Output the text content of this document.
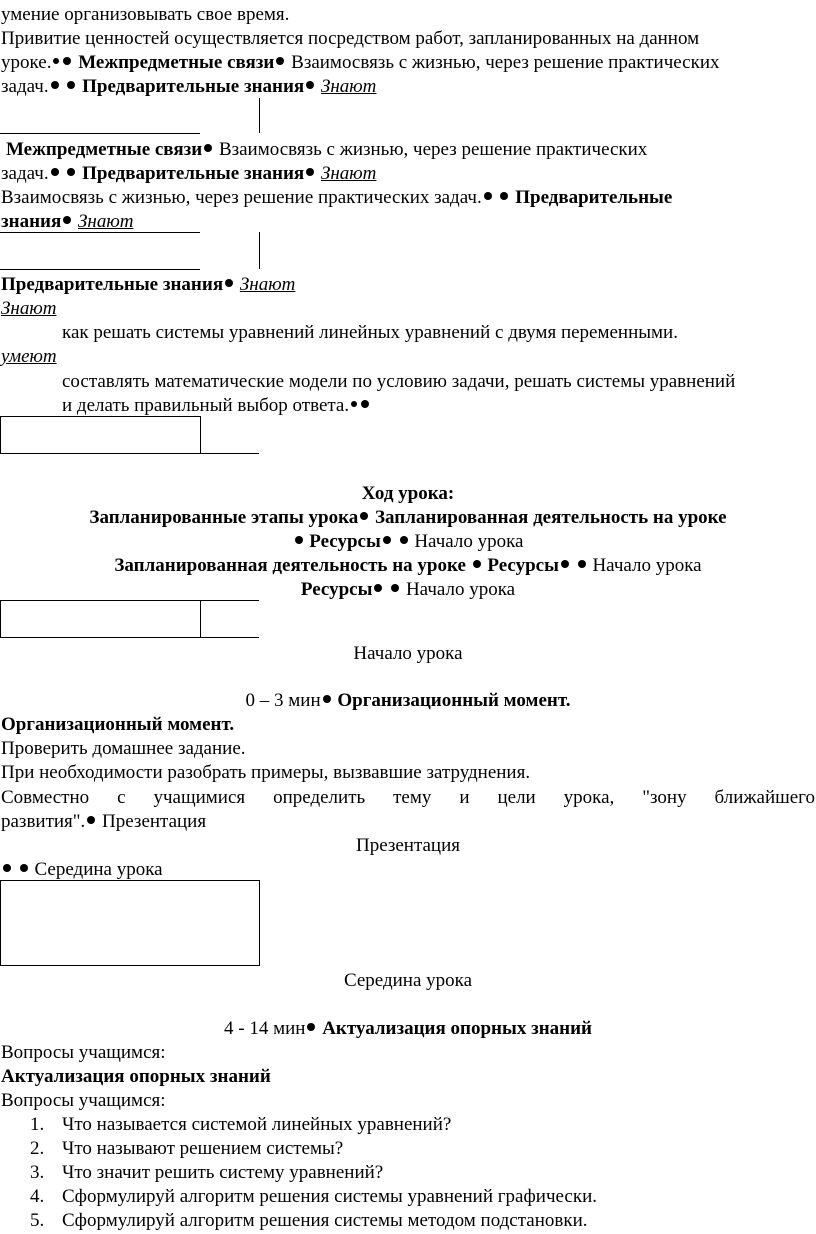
умение организовывать свое время.
Привитие ценностей осуществляется посредством работ, запланированных на данном
уроке. Межпредметные связи Взаимосвязь с жизнью, через решение практических
задач. Предварительные знания Знают
Межпредметные связи Взаимосвязь с жизнью, через решение практических
задач. Предварительные знания Знают
Взаимосвязь с жизнью, через решение практических задач. Предварительные
знания Знают
Предварительные знания Знают
Знают
как решать системы уравнений линейных уравнений с двумя переменными.
умеют
составлять математические модели по условию задачи, решать системы уравнений
и делать правильный выбор ответа.
Ход урока:
Запланированные этапы урока Запланированная деятельность на уроке
Ресурсы  Начало урока
Запланированная деятельность на уроке Ресурсы  Начало урока
Ресурсы  Начало урока
Начало урока
0 – 3 мин Организационный момент.
Организационный момент.
Проверить домашнее задание.
При необходимости разобрать примеры, вызвавшие затруднения.
Совместно с учащимися определить тему и цели урока, "зону ближайшего
развития". Презентация
Презентация
Середина урока
Середина урока
4 - 14 мин Актуализация опорных знаний
Вопросы учащимся:
Актуализация опорных знаний
Вопросы учащимся:
1. Что называется системой линейных уравнений?
2. Что называют решением системы?
3. Что значит решить систему уравнений?
4. Сформулируй алгоритм решения системы уравнений графически.
5. Сформулируй алгоритм решения системы методом подстановки.
